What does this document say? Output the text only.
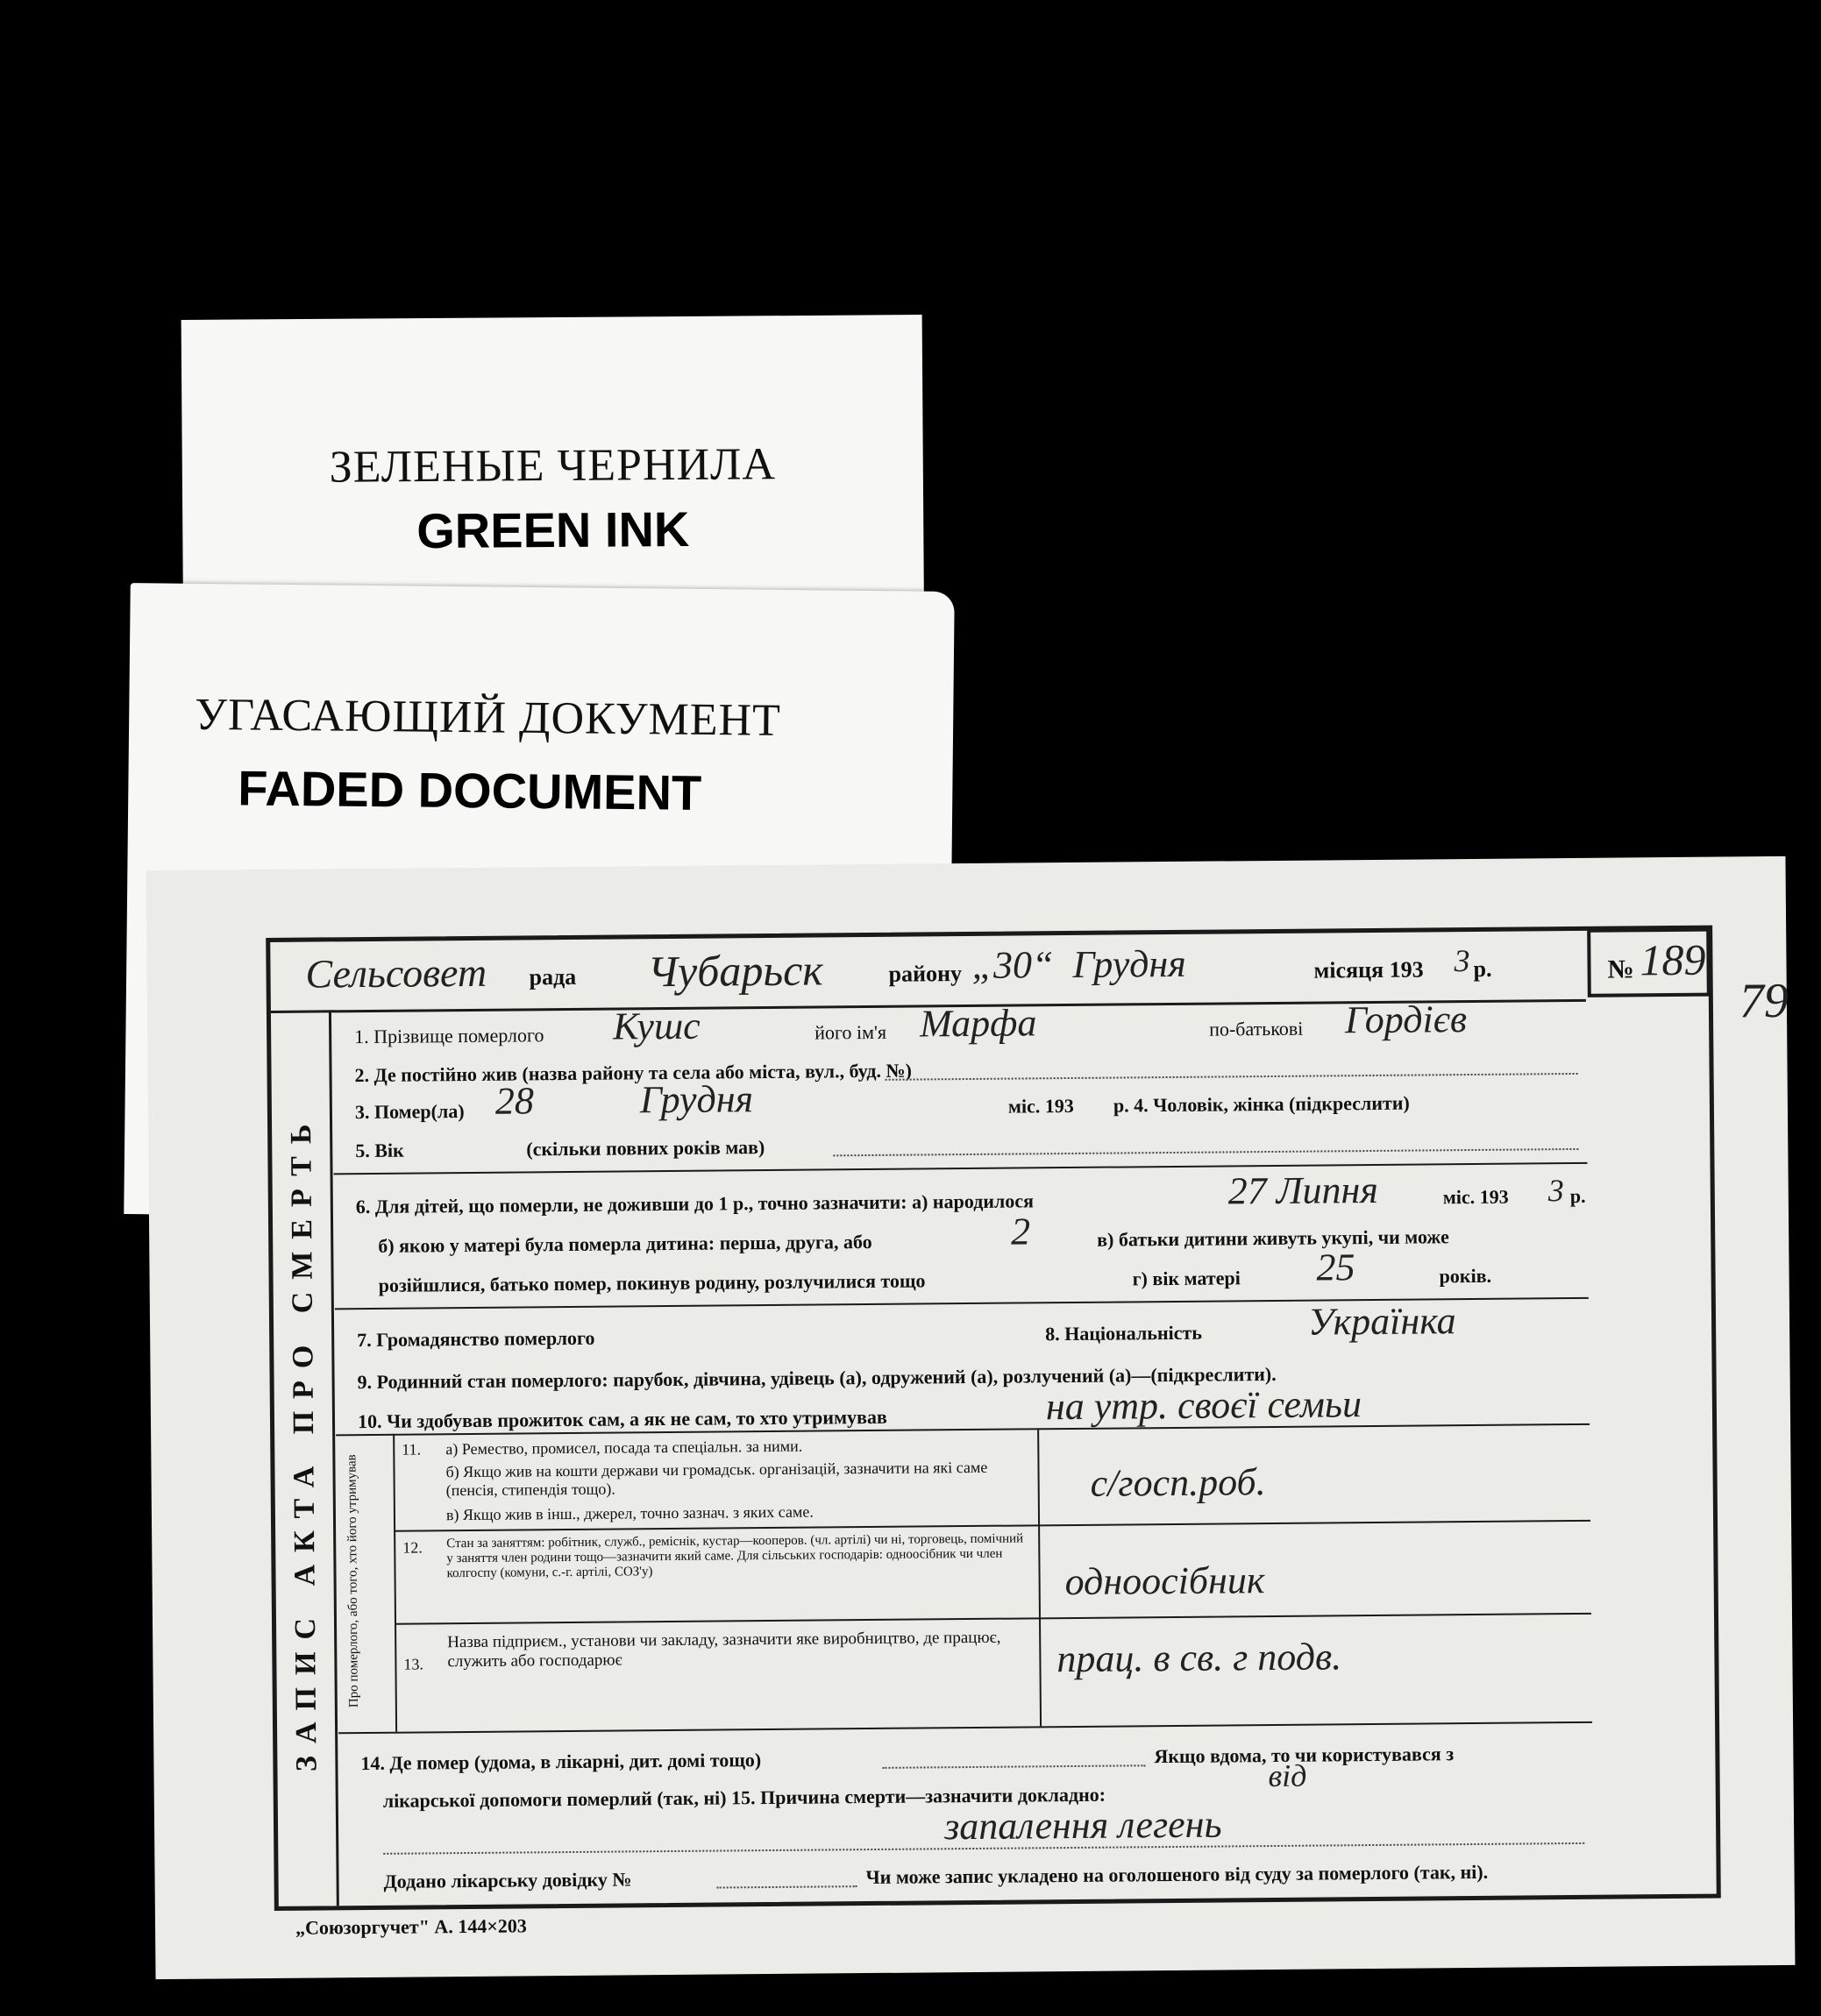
ЗЕЛЕНЫЕ ЧЕРНИЛА
GREEN INK
УГАСАЮЩИЙ ДОКУМЕНТ
FADED DOCUMENT
ЗАПИС АКТА ПРО СМЕРТЬ
Сельсовет рада Чубарьск	району „30“ Грудня	місяця 193 3 р.	№ 189
79
1. Прізвище померлого Кушс	його ім'я Марфа	по-батькові Гордієв
2. Де постійно жив (назва району та села або міста, вул., буд. №)
3. Помер(ла) 28	Грудня	міс. 193 р. 4. Чоловік, жінка (підкреслити)
5. Вік	(скільки повних років мав)
6. Для дітей, що померли, не доживши до 1 р., точно зазначити: а) народилося	27 Липня	міс. 193 3 р.
б) якою у матері була померла дитина: перша, друга, або	2	в) батьки дитини живуть укупі, чи може
розійшлися, батько помер, покинув родину, розлучилися тощо	г) вік матері 25	років.
7. Громадянство померлого	8. Національність	Українка
9. Родинний стан померлого: парубок, дівчина, удівець (а), одружений (а), розлучений (а)—(підкреслити).
10. Чи здобував прожиток сам, а як не сам, то хто утримував	на утр. своєї семьи
Про померлого, або того, хто його утримував
11. а) Ремество, промисел, посада та спеціальн. за ними.
б) Якщо жив на кошти держави чи громадськ. організацій, зазначити на які саме (пенсія, стипендія тощо).
в) Якщо жив в інш., джерел, точно зазнач. з яких саме.
с/госп.роб.
12. Стан за заняттям: робітник, служб., реміснік, кустар—кооперов. (чл. артілі) чи ні, торговець, помічний у заняття член родини тощо—зазначити який саме. Для сільських господарів: одноосібник чи член колгоспу (комуни, с.-г. артілі, СОЗ'у)	одноосібник
13.
Назва підприєм., установи чи закладу, зазначити яке виробництво, де працює, служить або господарює	прац. в св. г подв.
14. Де помер (удома, в лікарні, дит. домі тощо)	Якщо вдома, то чи користувався з
лікарської допомоги померлий (так, ні) 15. Причина смерти—зазначити докладно:
від
запалення легень
Додано лікарську довідку №	Чи може запис укладено на оголошеного від суду за померлого (так, ні).
„Союзоргучет" А. 144×203
